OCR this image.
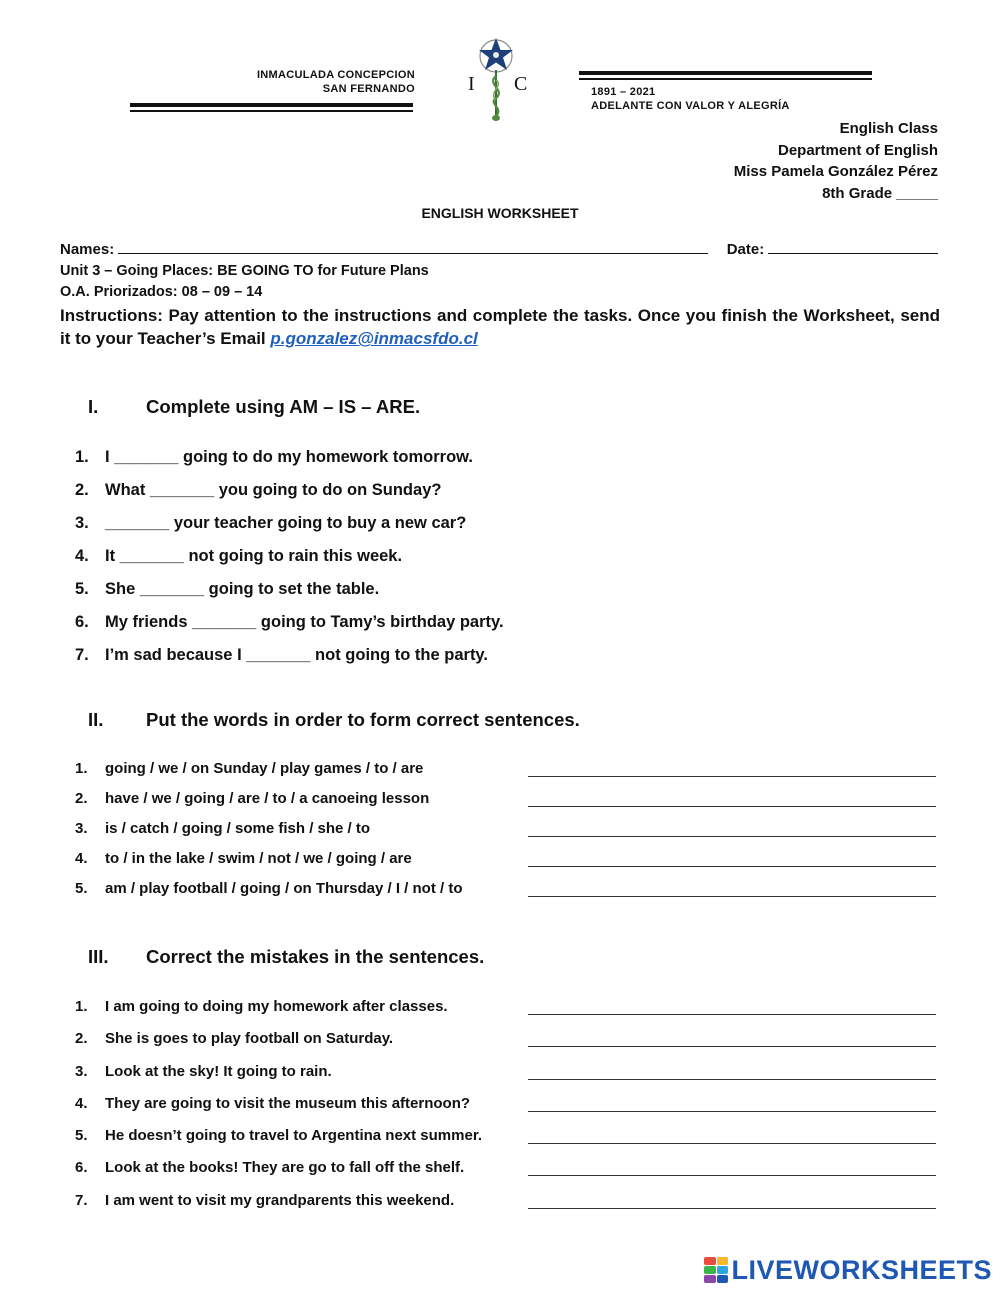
INMACULADA CONCEPCION
SAN FERNANDO	I C	1891 – 2021
ADELANTE CON VALOR Y ALEGRÍA
English Class
Department of English
Miss Pamela González Pérez
8th Grade _____
ENGLISH WORKSHEET
Names:	Date:
Unit 3 – Going Places: BE GOING TO for Future Plans
O.A. Priorizados: 08 – 09 – 14
Instructions: Pay attention to the instructions and complete the tasks. Once you finish the Worksheet, send it to your Teacher’s Email p.gonzalez@inmacsfdo.cl
I.	Complete using AM – IS – ARE.
1. I _______ going to do my homework tomorrow.
2. What _______ you going to do on Sunday?
3. _______ your teacher going to buy a new car?
4. It _______ not going to rain this week.
5. She _______ going to set the table.
6. My friends _______ going to Tamy’s birthday party.
7. I’m sad because I _______ not going to the party.
II. Put the words in order to form correct sentences.
1.	going / we / on Sunday / play games / to / are
2.	have / we / going / are / to / a canoeing lesson
3.	is / catch / going / some fish / she / to
4.	to / in the lake / swim / not / we / going / are
5.	am / play football / going / on Thursday / I / not / to
III. Correct the mistakes in the sentences.
1.	I am going to doing my homework after classes.
2.	She is goes to play football on Saturday.
3.	Look at the sky! It going to rain.
4.	They are going to visit the museum this afternoon?
5.	He doesn’t going to travel to Argentina next summer.
6.	Look at the books! They are go to fall off the shelf.
7.	I am went to visit my grandparents this weekend.
LIVEWORKSHEETS
